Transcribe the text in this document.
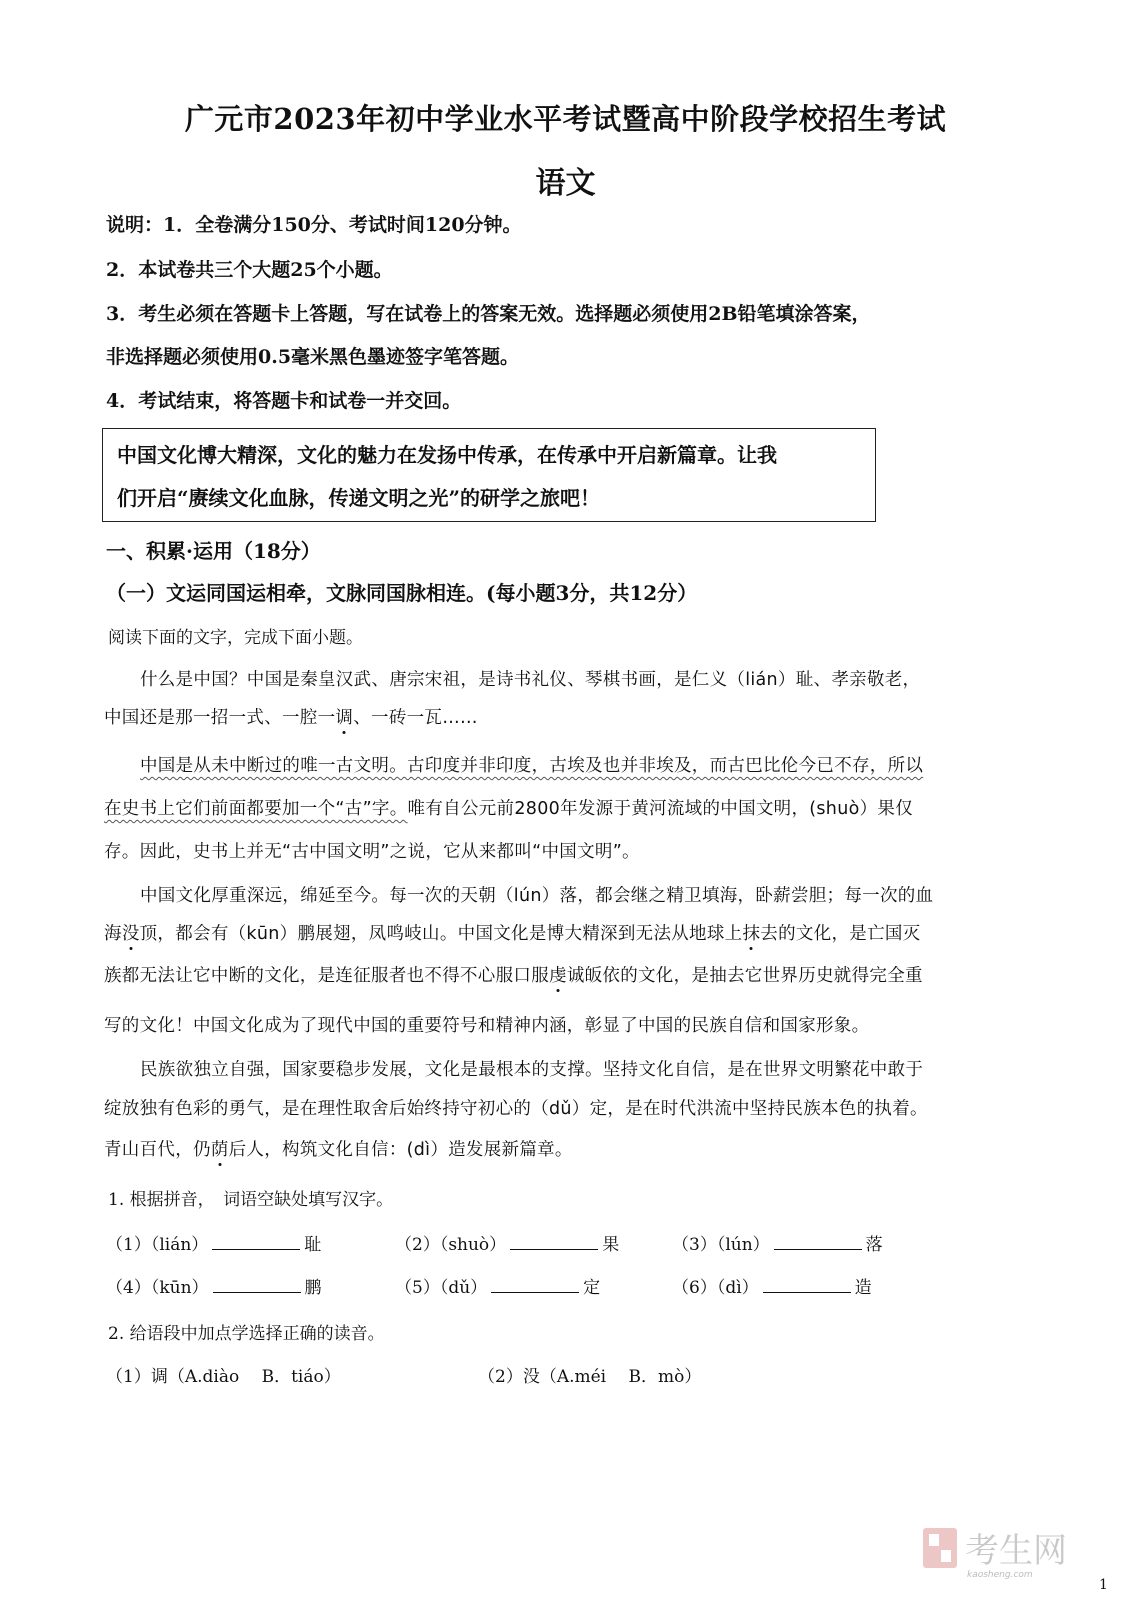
广元市2023年初中学业水平考试暨高中阶段学校招生考试
语文
说明：1．全卷满分150分、考试时间120分钟。
2．本试卷共三个大题25个小题。
3．考生必须在答题卡上答题，写在试卷上的答案无效。选择题必须使用2B铅笔填涂答案，
非选择题必须使用0.5毫米黑色墨迹签字笔答题。
4．考试结束，将答题卡和试卷一并交回。

中国文化博大精深，文化的魅力在发扬中传承，在传承中开启新篇章。让我

们开启“赓续文化血脉，传递文明之光”的研学之旅吧！

一、积累·运用（18分）
（一）文运同国运相牵，文脉同国脉相连。(每小题3分，共12分）
阅读下面的文字，完成下面小题。
什么是中国？中国是秦皇汉武、唐宗宋祖，是诗书礼仪、琴棋书画，是仁义（lián）耻、孝亲敬老，
中国还是那一招一式、一腔一调、一砖一瓦……
中国是从未中断过的唯一古文明。古印度并非印度，古埃及也并非埃及，而古巴比伦今已不存，所以
在史书上它们前面都要加一个“古”字。唯有自公元前2800年发源于黄河流域的中国文明，(shuò）果仅
存。因此，史书上并无“古中国文明”之说，它从来都叫“中国文明”。
中国文化厚重深远，绵延至今。每一次的天朝（lún）落，都会继之精卫填海，卧薪尝胆；每一次的血
海没顶，都会有（kūn）鹏展翅，凤鸣岐山。中国文化是博大精深到无法从地球上抹去的文化，是亡国灭
族都无法让它中断的文化，是连征服者也不得不心服口服虔诚皈依的文化，是抽去它世界历史就得完全重
写的文化！中国文化成为了现代中国的重要符号和精神内涵，彰显了中国的民族自信和国家形象。
民族欲独立自强，国家要稳步发展，文化是最根本的支撑。坚持文化自信，是在世界文明繁花中敢于
绽放独有色彩的勇气，是在理性取舍后始终持守初心的（dǔ）定，是在时代洪流中坚持民族本色的执着。
青山百代，仍荫后人，构筑文化自信：(dì）造发展新篇章。
1. 根据拼音，　词语空缺处填写汉字。
（1）（lián）	耻	（2）（shuò）	果	（3）（lún）	落
（4）（kūn）	鹏	（5）（dǔ）	定	（6）（dì）	造
2. 给语段中加点学选择正确的读音。
（1）调（A.diào　 B．tiáo）	（2）没（A.méi　 B．mò）
考生网
kaosheng.com
1
